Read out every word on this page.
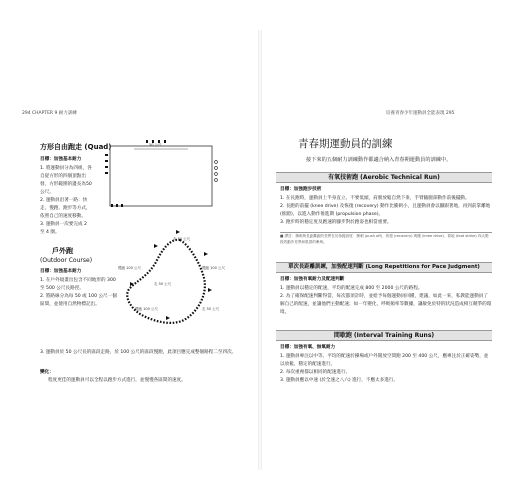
294 CHAPTER 9 耐力訓練
方形自由跑走 (Quad)
目標：加強基本耐力
1. 將運動員分為四組，各自從方形的四個頂點出發，方形範圍的邊長為50公尺。
2. 運動員沿著一路：快走、慢跑、跑步等方式，依照自己的速度移動。
3. 運動員一次要完成 2 至 4 圈。
50 公尺
戶外跑
(Outdoor Course)
目標：加強基本耐力
1. 在戶外規畫出包含不同地形的 300 至 500 公尺長路徑。
2. 將路線分為每 50 或 100 公尺一個區間，並使用自然物標記出。
3. 運動員於 50 公尺長的區段走路，於 100 公尺的區段慢跑，此項目應完成整個路程二至四次。
變化：
程度更佳的運動員可以全程以跑步方式進行，並慢慢各區間的速度。
走 50 公尺
慢跑 100 公尺	慢跑 100 公尺
走 50 公尺
慢跑 100 公尺	走 50 公尺
培養青春少年運動員全能表現 295
青春期運動員的訓練
接下來的五個耐力訓練動作都適合納入青春期運動員的訓練中。
有氧技術跑 (Aerobic Technical Run)
目標：加強跑步技術
1. 在長跑時，運動員上半身直立、不要低頭，肩膀放鬆自然下垂，手臂隨腿部動作前後擺動。
2. 長跑的前擺 (knee drive) 及恢復 (recovery) 動作比衝刺小，且運動員會以腳跟著地，再到前掌離地 (推蹬)，以進入動作推進期 (propulsion phase)。
3. 跑步時的穩定度及跑速的腳步對於跑姿也相當重要。
■ 譯註：衝刺與長距離跑的差異在於抬腿高度：衝刺 (push off)、恢復 (recovery) 與擺 (knee drive)、着地 (foot strike) 四大階段的動作差異和肌群的參與。
單次長距離訓練，加強配速判斷 (Long Repetitions for Pace Judgment)
目標：加強有氧耐力及配速判斷
1. 運動員以穩定的配速，平均的配速完成 800 至 2000 公尺的路程。
2. 為了確保配速判斷得當，每次都須計時，並給予每個運動員回饋，建議，如此一來，私教能運動員了解自己的配速，並讓他們主動配速；如一年變化，呼吸頻率等數據，讓敏免於特的狀況造成相互競爭的環境。
間歇跑 (Interval Training Runs)
目標：加強有氧、無氧耐力
1. 運動員專注以中等、平均的配速於操場或戶外開放空間跑 200 至 400 公尺，應專注於正確姿勢，並以放鬆，穩定的配速進行。
2. 每次重複都以相同的配速進行。
3. 運動員應以中速 (於全速之八六) 進行，不應太多進行。
